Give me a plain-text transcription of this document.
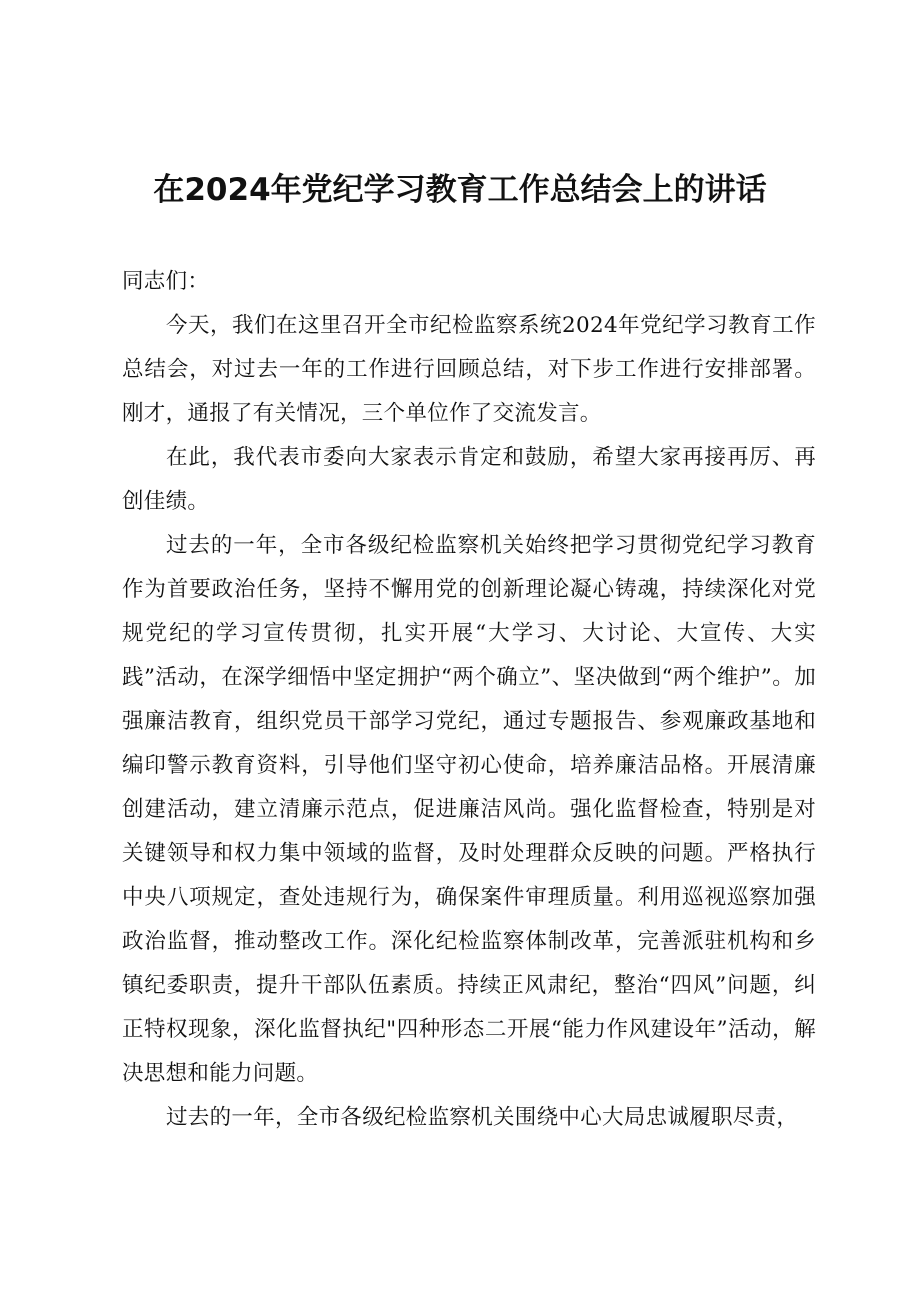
在2024年党纪学习教育工作总结会上的讲话

同志们：

今天，我们在这里召开全市纪检监察系统2024年党纪学习教育工作总结会，对过去一年的工作进行回顾总结，对下步工作进行安排部署。刚才，通报了有关情况，三个单位作了交流发言。

在此，我代表市委向大家表示肯定和鼓励，希望大家再接再厉、再创佳绩。

过去的一年，全市各级纪检监察机关始终把学习贯彻党纪学习教育作为首要政治任务，坚持不懈用党的创新理论凝心铸魂，持续深化对党规党纪的学习宣传贯彻，扎实开展“大学习、大讨论、大宣传、大实践”活动，在深学细悟中坚定拥护“两个确立”、坚决做到“两个维护”。加强廉洁教育，组织党员干部学习党纪，通过专题报告、参观廉政基地和编印警示教育资料，引导他们坚守初心使命，培养廉洁品格。开展清廉创建活动，建立清廉示范点，促进廉洁风尚。强化监督检查，特别是对关键领导和权力集中领域的监督，及时处理群众反映的问题。严格执行中央八项规定，查处违规行为，确保案件审理质量。利用巡视巡察加强政治监督，推动整改工作。深化纪检监察体制改革，完善派驻机构和乡镇纪委职责，提升干部队伍素质。持续正风肃纪，整治“四风”问题，纠正特权现象，深化监督执纪"四种形态二开展“能力作风建设年”活动，解决思想和能力问题。

过去的一年，全市各级纪检监察机关围绕中心大局忠诚履职尽责，
